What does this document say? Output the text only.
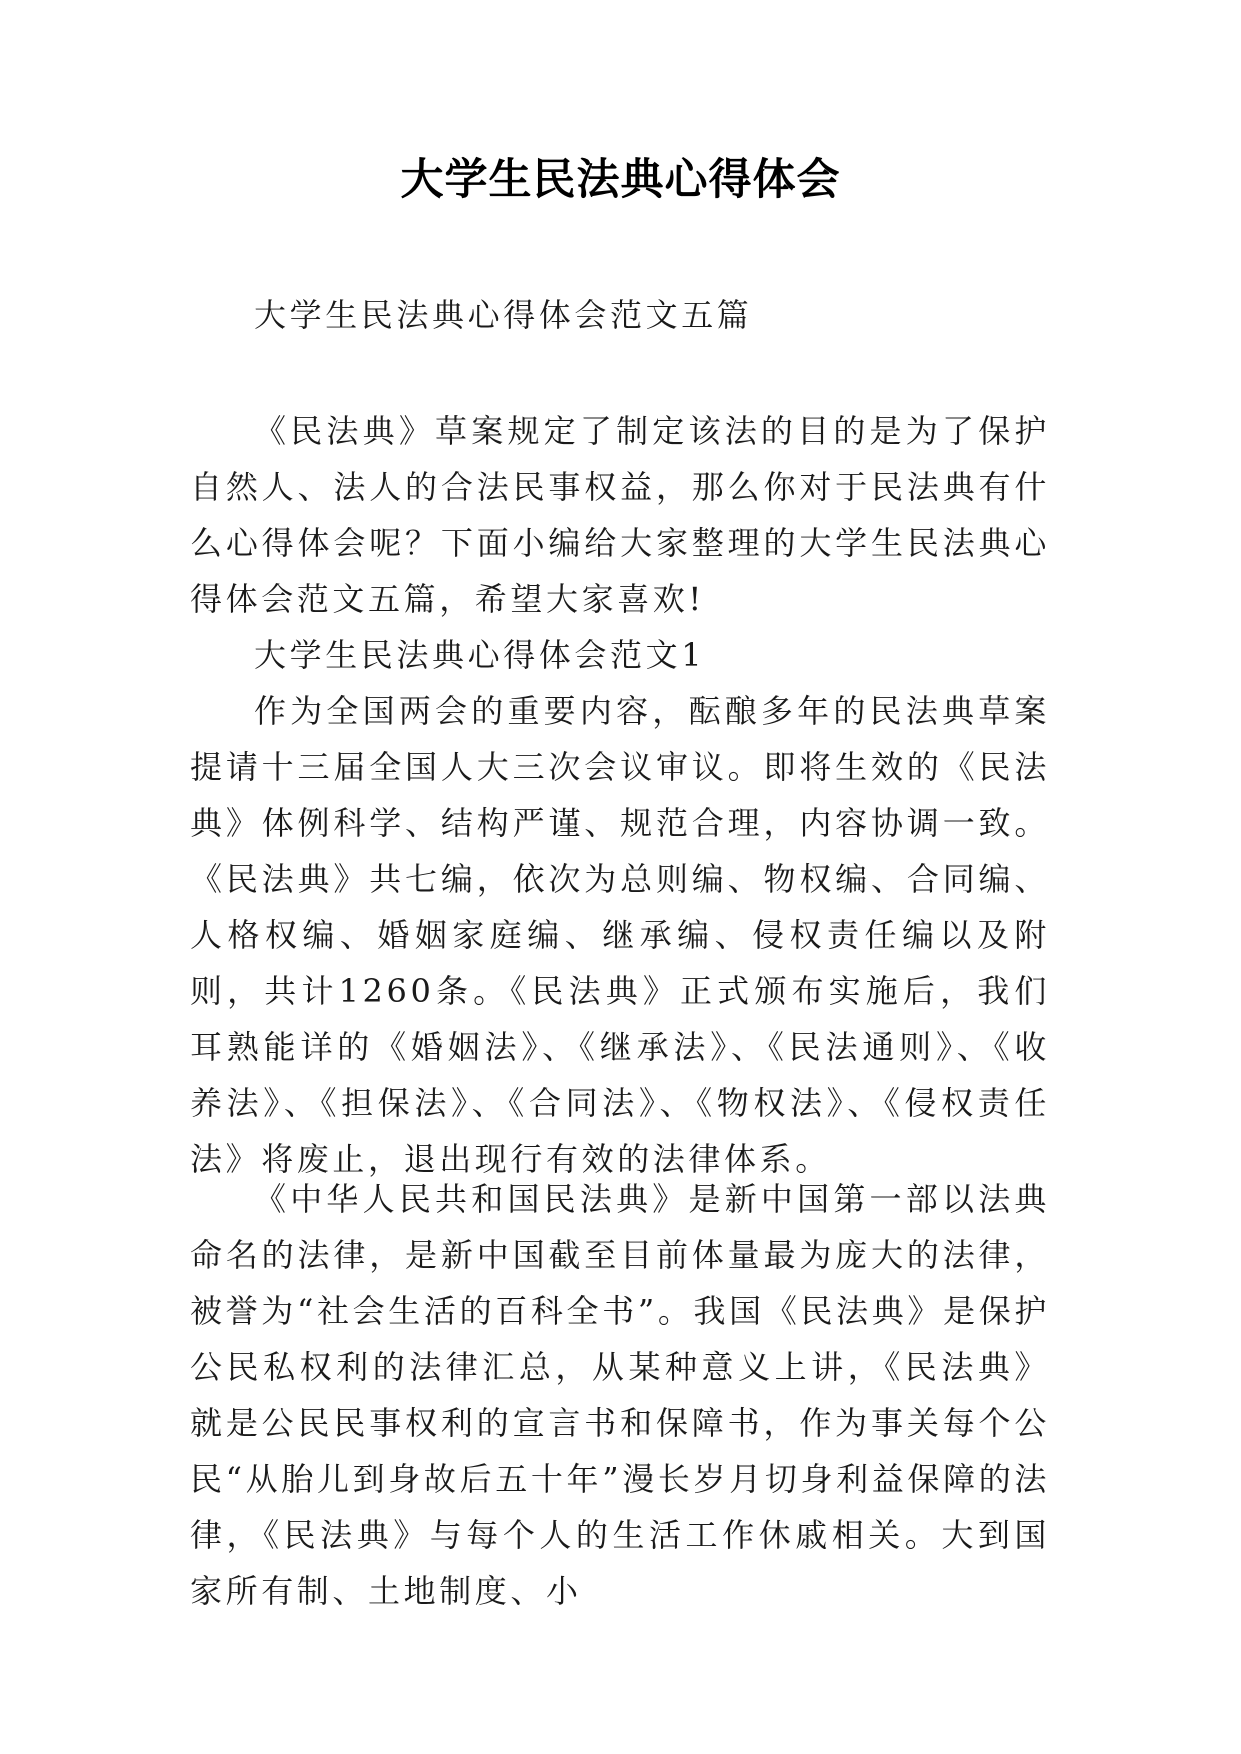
大学生民法典心得体会

大学生民法典心得体会范文五篇

《民法典》草案规定了制定该法的目的是为了保护自然人、法人的合法民事权益，那么你对于民法典有什么心得体会呢？下面小编给大家整理的大学生民法典心得体会范文五篇，希望大家喜欢!

大学生民法典心得体会范文1

作为全国两会的重要内容，酝酿多年的民法典草案提请十三届全国人大三次会议审议。即将生效的《民法典》体例科学、结构严谨、规范合理，内容协调一致。《民法典》共七编，依次为总则编、物权编、合同编、人格权编、婚姻家庭编、继承编、侵权责任编以及附则，共计1260条。《民法典》正式颁布实施后，我们耳熟能详的《婚姻法》、《继承法》、《民法通则》、《收养法》、《担保法》、《合同法》、《物权法》、《侵权责任法》将废止，退出现行有效的法律体系。

《中华人民共和国民法典》是新中国第一部以法典命名的法律，是新中国截至目前体量最为庞大的法律，被誉为“社会生活的百科全书”。我国《民法典》是保护公民私权利的法律汇总，从某种意义上讲，《民法典》就是公民民事权利的宣言书和保障书，作为事关每个公民“从胎儿到身故后五十年”漫长岁月切身利益保障的法律，《民法典》与每个人的生活工作休戚相关。大到国家所有制、土地制度、小
